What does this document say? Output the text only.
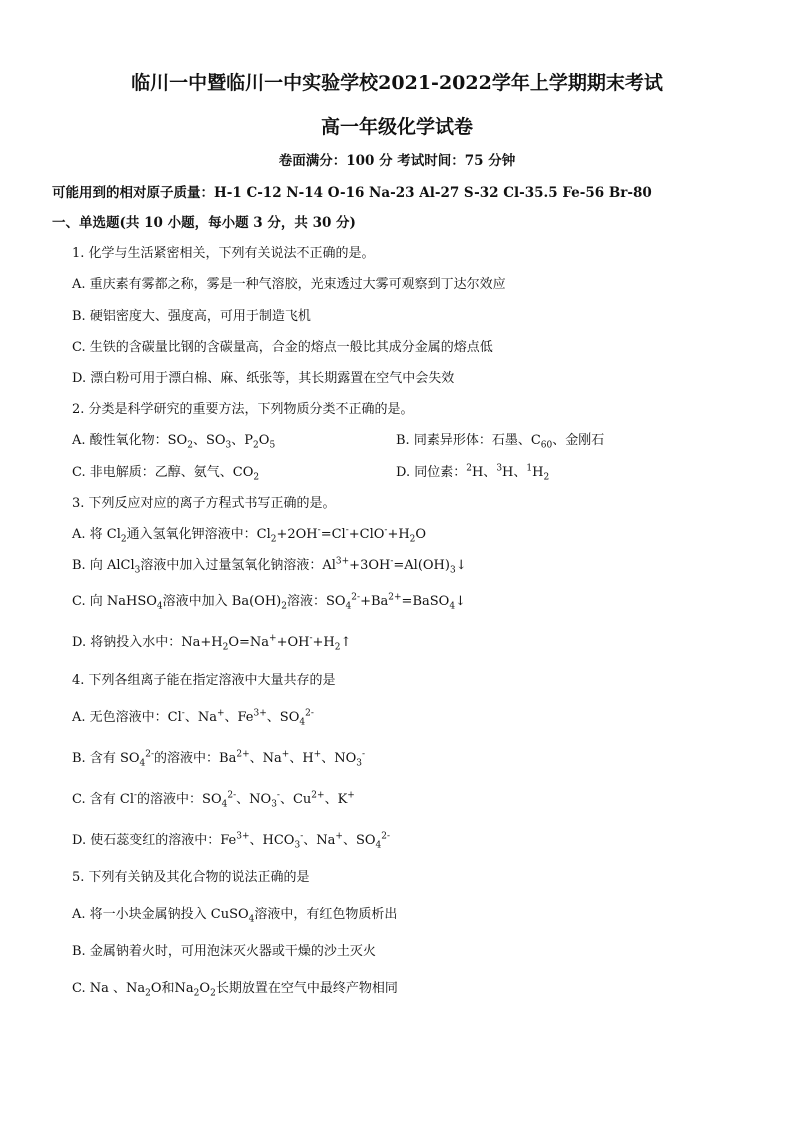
临川一中暨临川一中实验学校2021-2022学年上学期期末考试
高一年级化学试卷
卷面满分：100 分 考试时间：75 分钟
可能用到的相对原子质量：H-1 C-12 N-14 O-16 Na-23 Al-27 S-32 Cl-35.5 Fe-56 Br-80
一、单选题(共 10 小题，每小题 3 分，共 30 分)
1. 化学与生活紧密相关，下列有关说法不正确的是。
A. 重庆素有雾都之称，雾是一种气溶胶，光束透过大雾可观察到丁达尔效应
B. 硬铝密度大、强度高，可用于制造飞机
C. 生铁的含碳量比钢的含碳量高，合金的熔点一般比其成分金属的熔点低
D. 漂白粉可用于漂白棉、麻、纸张等，其长期露置在空气中会失效
2. 分类是科学研究的重要方法，下列物质分类不正确的是。
A. 酸性氧化物：$SO_2$、$SO_3$、$P_2O_5$	B. 同素异形体：石墨、$C_{60}$、金刚石
C. 非电解质：乙醇、氨气、$CO_2$	D. 同位素：$^2$H、$^3$H、$^1H_2$
3. 下列反应对应的离子方程式书写正确的是。
A. 将 $Cl_2$通入氢氧化钾溶液中：$Cl_2+2OH^-=Cl^-+ClO^-+H_2O$
B. 向 AlCl$_3$溶液中加入过量氢氧化钠溶液：$Al^{3+}+3OH^-=Al(OH)_3↓$
C. 向 NaHSO$_4$溶液中加入 $Ba(OH)_2$溶液：$SO_4^{2-}+Ba^{2+}=BaSO_4↓$
D. 将钠投入水中：$Na+H_2O=Na^++OH^-+H_2↑$
4. 下列各组离子能在指定溶液中大量共存的是
A. 无色溶液中：Cl-、Na+、$Fe^{3+}$、$SO_4^{2-}$
B. 含有 $SO_4^{2-}$的溶液中：$Ba^{2+}$、Na+、H+、$NO_3^-$
C. 含有 Cl-的溶液中：$SO_4^{2-}$、$NO_3^-$、$Cu^{2+}$、K+
D. 使石蕊变红的溶液中：$Fe^{3+}$、$HCO_3^-$、Na+、$SO_4^{2-}$
5. 下列有关钠及其化合物的说法正确的是
A. 将一小块金属钠投入 CuSO$_4$溶液中，有红色物质析出
B. 金属钠着火时，可用泡沫灭火器或干燥的沙土灭火
C. Na 、$Na_2O$和$Na_2O_2$长期放置在空气中最终产物相同
